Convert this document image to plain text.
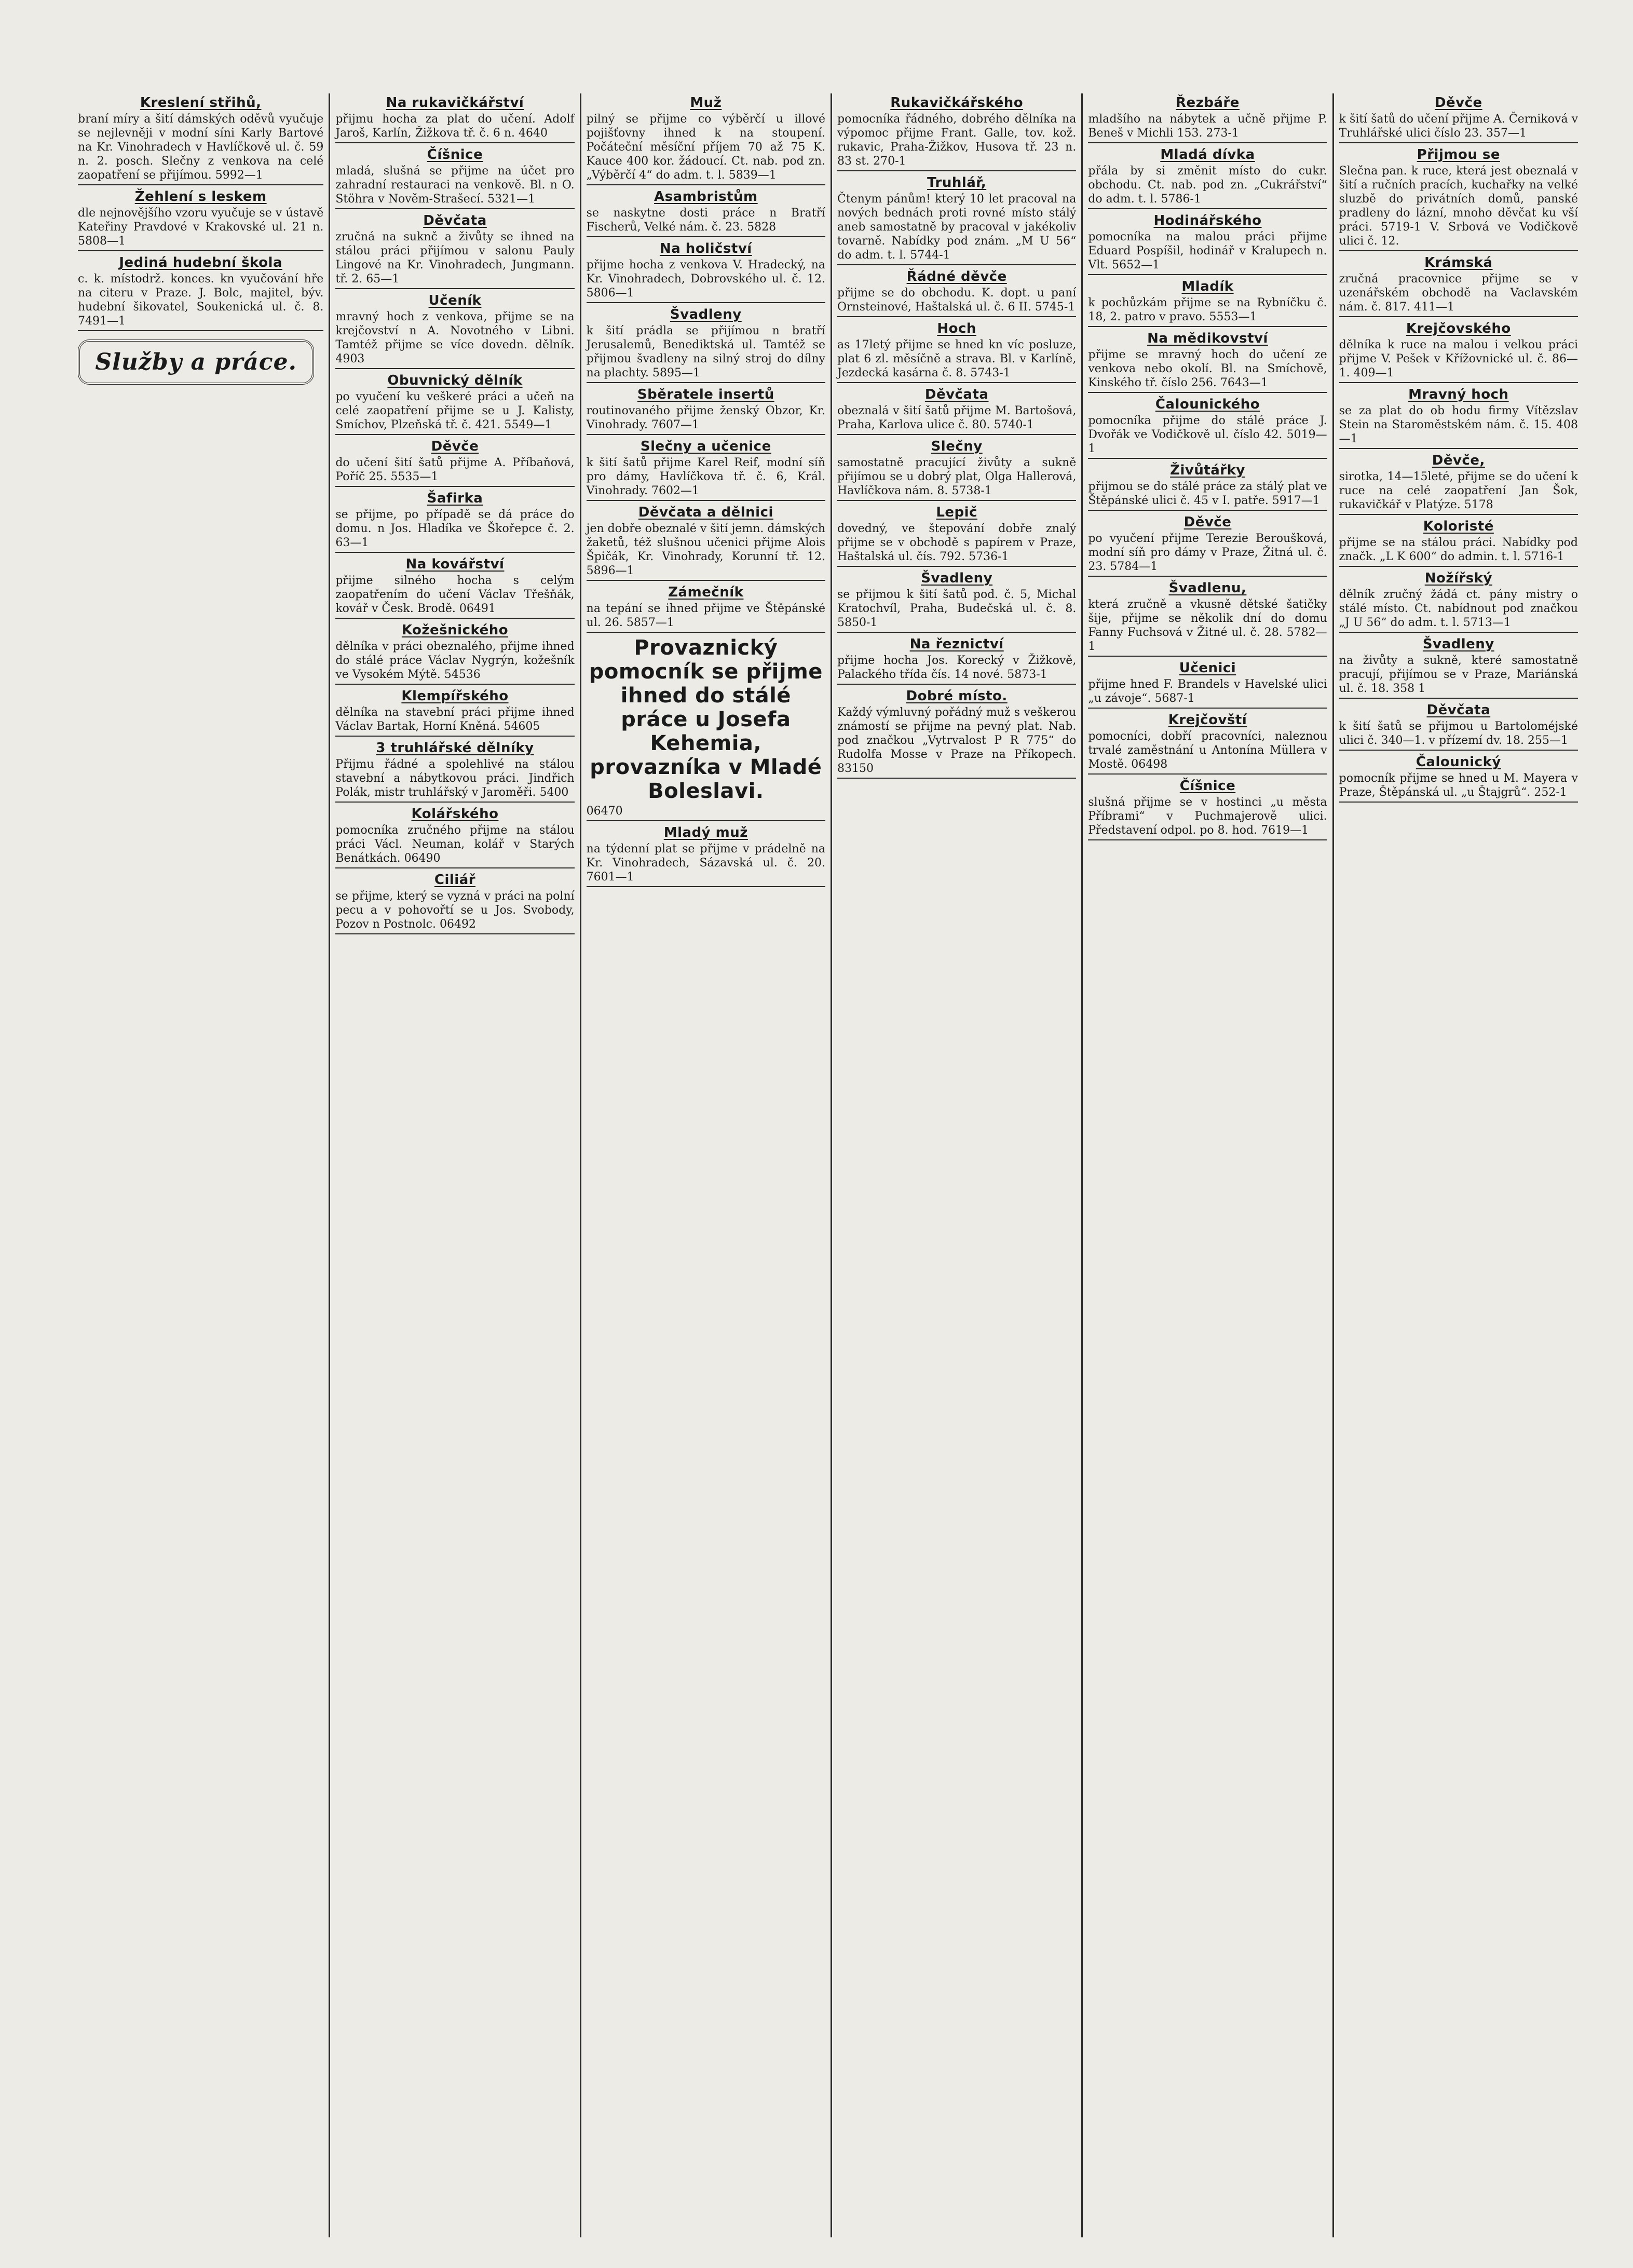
Kreslení střihů,

braní míry a šití dámských oděvů vyučuje se nejlevněji v modní síni Karly Bartové na Kr. Vinohradech v Havlíčkově ul. č. 59 n. 2. posch. Slečny z venkova na celé zaopatření se přijímou. 5992—1

Žehlení s leskem

dle nejnovějšího vzoru vyučuje se v ústavě Kateřiny Pravdové v Krakovské ul. 21 n. 5808—1

Jediná hudební škola

c. k. místodrž. konces. kn vyučování hře na citeru v Praze. J. Bolc, majitel, býv. hudební šikovatel, Soukenická ul. č. 8. 7491—1

Služby a práce.
Na rukavičkářství

přijmu hocha za plat do učení. Adolf Jaroš, Karlín, Žižkova tř. č. 6 n. 4640

Číšnice

mladá, slušná se přijme na účet pro zahradní restauraci na venkově. Bl. n O. Stöhra v Nověm-Strašecí. 5321—1

Děvčata

zručná na suknč a živůty se ihned na stálou práci přijímou v salonu Pauly Lingové na Kr. Vinohradech, Jungmann. tř. 2. 65—1

Učeník

mravný hoch z venkova, přijme se na krejčovství n A. Novotného v Libni. Tamtéž přijme se více dovedn. dělník. 4903

Obuvnický dělník

po vyučení ku veškeré práci a učeň na celé zaopatření přijme se u J. Kalisty, Smíchov, Plzeňská tř. č. 421. 5549—1

Děvče

do učení šití šatů přijme A. Příbaňová, Poříč 25. 5535—1

Šafirka

se přijme, po případě se dá práce do domu. n Jos. Hladíka ve Škořepce č. 2. 63—1

Na kovářství

přijme silného hocha s celým zaopatřením do učení Václav Třešňák, kovář v Česk. Brodě. 06491

Kožešnického

dělníka v práci obeznalého, přijme ihned do stálé práce Václav Nygrýn, kožešník ve Vysokém Mýtě. 54536

Klempířského

dělníka na stavební práci přijme ihned Václav Bartak, Horní Kněná. 54605

3 truhlářské dělníky

Přijmu řádné a spolehlivé na stálou stavební a nábytkovou práci. Jindřich Polák, mistr truhlářský v Jaroměři. 5400

Kolářského

pomocníka zručného přijme na stálou práci Václ. Neuman, kolář v Starých Benátkách. 06490

Ciliář

se přijme, který se vyzná v práci na polní pecu a v pohovořtí se u Jos. Svobody, Pozov n Postnolc. 06492

Muž

pilný se přijme co výběrčí u illové pojišťovny ihned k na stoupení. Počáteční měsíční příjem 70 až 75 K. Kauce 400 kor. žádoucí. Ct. nab. pod zn. „Výběrčí 4“ do adm. t. l. 5839—1

Asambristům

se naskytne dosti práce n Bratří Fischerů, Velké nám. č. 23. 5828

Na holičství

přijme hocha z venkova V. Hradecký, na Kr. Vinohradech, Dobrovského ul. č. 12. 5806—1

Švadleny

k šití prádla se přijímou n bratří Jerusalemů, Benediktská ul. Tamtéž se přijmou švadleny na silný stroj do dílny na plachty. 5895—1

Sběratele insertů

routinovaného přijme ženský Obzor, Kr. Vinohrady. 7607—1

Slečny a učenice

k šití šatů přijme Karel Reif, modní síň pro dámy, Havlíčkova tř. č. 6, Král. Vinohrady. 7602—1

Děvčata a dělnici

jen dobře obeznalé v šití jemn. dámských žaketů, též slušnou učenici přijme Alois Špičák, Kr. Vinohrady, Korunní tř. 12. 5896—1

Zámečník

na tepání se ihned přijme ve Štěpánské ul. 26. 5857—1

Provaznický pomocník se přijme ihned do stálé práce u Josefa Kehemia, provazníka v Mladé Boleslavi.

06470

Mladý muž

na týdenní plat se přijme v prádelně na Kr. Vinohradech, Sázavská ul. č. 20. 7601—1

Rukavičkářského

pomocníka řádného, dobrého dělníka na výpomoc přijme Frant. Galle, tov. kož. rukavic, Praha-Žižkov, Husova tř. 23 n. 83 st. 270-1

Truhlář,

Čtenym pánům! který 10 let pracoval na nových bednách proti rovné místo stálý aneb samostatně by pracoval v jakékoliv tovarně. Nabídky pod znám. „M U 56“ do adm. t. l. 5744-1

Řádné děvče

přijme se do obchodu. K. dopt. u paní Ornsteinové, Haštalská ul. č. 6 II. 5745-1

Hoch

as 17letý přijme se hned kn víc posluze, plat 6 zl. měsíčně a strava. Bl. v Karlíně, Jezdecká kasárna č. 8. 5743-1

Děvčata

obeznalá v šití šatů přijme M. Bartošová, Praha, Karlova ulice č. 80. 5740-1

Slečny

samostatně pracující živůty a sukně přijímou se u dobrý plat, Olga Hallerová, Havlíčkova nám. 8. 5738-1

Lepič

dovedný, ve štepování dobře znalý přijme se v obchodě s papírem v Praze, Haštalská ul. čís. 792. 5736-1

Švadleny

se přijmou k šití šatů pod. č. 5, Michal Kratochvíl, Praha, Budečská ul. č. 8. 5850-1

Na řeznictví

přijme hocha Jos. Korecký v Žižkově, Palackého třída čís. 14 nové. 5873-1

Dobré místo.

Každý výmluvný pořádný muž s veškerou známostí se přijme na pevný plat. Nab. pod značkou „Vytrvalost P R 775“ do Rudolfa Mosse v Praze na Příkopech. 83150

Řezbáře

mladšího na nábytek a učně přijme P. Beneš v Michli 153. 273-1

Mladá dívka

přála by si změnit místo do cukr. obchodu. Ct. nab. pod zn. „Cukrářství“ do adm. t. l. 5786-1

Hodinářského

pomocníka na malou práci přijme Eduard Pospíšil, hodinář v Kralupech n. Vlt. 5652—1

Mladík

k pochůzkám přijme se na Rybníčku č. 18, 2. patro v pravo. 5553—1

Na mědikovství

přijme se mravný hoch do učení ze venkova nebo okolí. Bl. na Smíchově, Kinského tř. číslo 256. 7643—1

Čalounického

pomocníka přijme do stálé práce J. Dvořák ve Vodičkově ul. číslo 42. 5019—1

Živůtářky

přijmou se do stálé práce za stálý plat ve Štěpánské ulici č. 45 v I. patře. 5917—1

Děvče

po vyučení přijme Terezie Beroušková, modní síň pro dámy v Praze, Žitná ul. č. 23. 5784—1

Švadlenu,

která zručně a vkusně dětské šatičky šije, přijme se několik dní do domu Fanny Fuchsová v Žitné ul. č. 28. 5782—1

Učenici

přijme hned F. Brandels v Havelské ulici „u závoje“. 5687-1

Krejčovští

pomocníci, dobří pracovníci, naleznou trvalé zaměstnání u Antonína Müllera v Mostě. 06498

Číšnice

slušná přijme se v hostinci „u města Příbrami“ v Puchmajerově ulici. Představení odpol. po 8. hod. 7619—1

Děvče

k šití šatů do učení přijme A. Černiková v Truhlářské ulici číslo 23. 357—1

Přijmou se

Slečna pan. k ruce, která jest obeznalá v šití a ručních pracích, kuchařky na velké sluzbě do privátních domů, panské pradleny do lázní, mnoho děvčat ku vší práci. 5719-1 V. Srbová ve Vodičkově ulici č. 12.

Krámská

zručná pracovnice přijme se v uzenářském obchodě na Vaclavském nám. č. 817. 411—1

Krejčovského

dělníka k ruce na malou i velkou práci přijme V. Pešek v Křížovnické ul. č. 86—1. 409—1

Mravný hoch

se za plat do ob hodu firmy Vítězslav Stein na Staroměstském nám. č. 15. 408—1

Děvče,

sirotka, 14—15leté, přijme se do učení k ruce na celé zaopatření Jan Šok, rukavičkář v Platýze. 5178

Koloristé

přijme se na stálou práci. Nabídky pod značk. „L K 600“ do admin. t. l. 5716-1

Nožířský

dělník zručný žádá ct. pány mistry o stálé místo. Ct. nabídnout pod značkou „J U 56“ do adm. t. l. 5713—1

Švadleny

na živůty a sukně, které samostatně pracují, přijímou se v Praze, Mariánská ul. č. 18. 358 1

Děvčata

k šití šatů se přijmou u Bartoloméjské ulici č. 340—1. v přízemí dv. 18. 255—1

Čalounický

pomocník přijme se hned u M. Mayera v Praze, Štěpánská ul. „u Štajgrů“. 252-1
